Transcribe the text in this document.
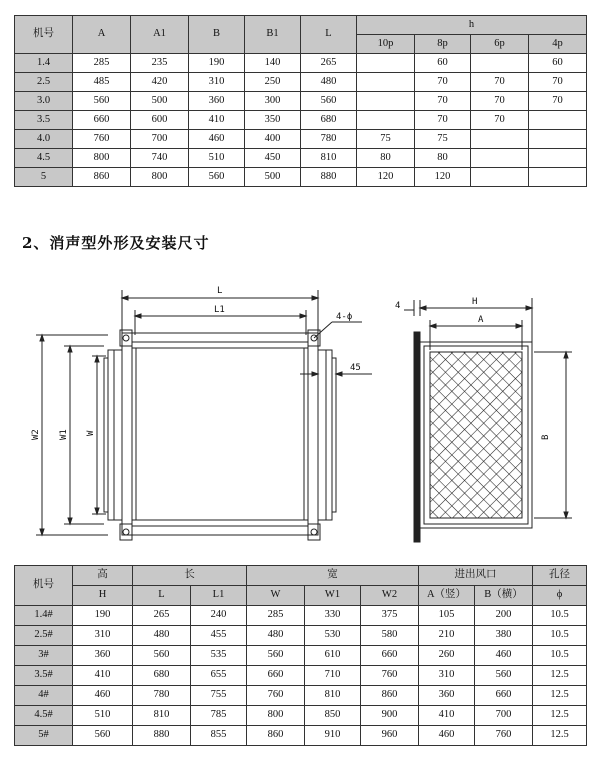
机号	A	A1	B	B1	L	h			
						10p	8p	6p	4p
1.4	285	235	190	140	265		60		60
2.5	485	420	310	250	480		70	70	70
3.0	560	500	360	300	560		70	70	70
3.5	660	600	410	350	680		70	70	
4.0	760	700	460	400	780	75	75		
4.5	800	740	510	450	810	80	80		
5	860	800	560	500	880	120	120		
2、消声型外形及安装尺寸
L
L1
4-ϕ
45
W2 W1 W
4	H
A
B
机号	高	长		宽			进出风口		孔径
	H	L	L1	W	W1	W2	A（竖）	B（横）	ϕ
1.4#	190	265	240	285	330	375	105	200	10.5
2.5#	310	480	455	480	530	580	210	380	10.5
3#	360	560	535	560	610	660	260	460	10.5
3.5#	410	680	655	660	710	760	310	560	12.5
4#	460	780	755	760	810	860	360	660	12.5
4.5#	510	810	785	800	850	900	410	700	12.5
5#	560	880	855	860	910	960	460	760	12.5
